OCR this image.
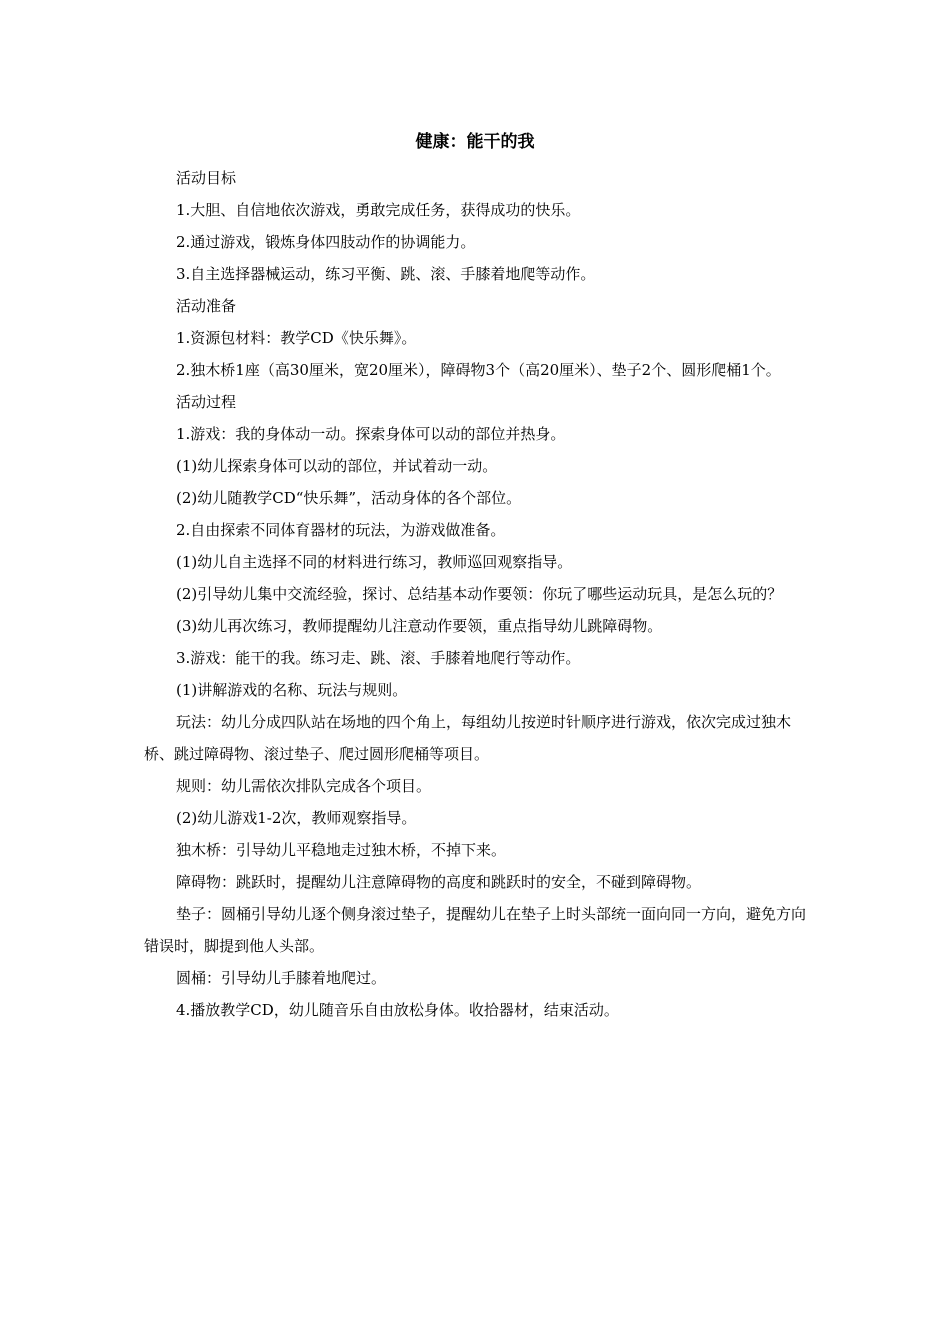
健康：能干的我

活动目标

1.大胆、自信地依次游戏，勇敢完成任务，获得成功的快乐。

2.通过游戏，锻炼身体四肢动作的协调能力。

3.自主选择器械运动，练习平衡、跳、滚、手膝着地爬等动作。

活动准备

1.资源包材料：教学CD《快乐舞》。

2.独木桥1座（高30厘米，宽20厘米），障碍物3个（高20厘米）、垫子2个、圆形爬桶1个。

活动过程

1.游戏：我的身体动一动。探索身体可以动的部位并热身。

(1)幼儿探索身体可以动的部位，并试着动一动。

(2)幼儿随教学CD“快乐舞”，活动身体的各个部位。

2.自由探索不同体育器材的玩法，为游戏做准备。

(1)幼儿自主选择不同的材料进行练习，教师巡回观察指导。

(2)引导幼儿集中交流经验，探讨、总结基本动作要领：你玩了哪些运动玩具，是怎么玩的？

(3)幼儿再次练习，教师提醒幼儿注意动作要领，重点指导幼儿跳障碍物。

3.游戏：能干的我。练习走、跳、滚、手膝着地爬行等动作。

(1)讲解游戏的名称、玩法与规则。

玩法：幼儿分成四队站在场地的四个角上，每组幼儿按逆时针顺序进行游戏，依次完成过独木桥、跳过障碍物、滚过垫子、爬过圆形爬桶等项目。

规则：幼儿需依次排队完成各个项目。

(2)幼儿游戏1-2次，教师观察指导。

独木桥：引导幼儿平稳地走过独木桥，不掉下来。

障碍物：跳跃时，提醒幼儿注意障碍物的高度和跳跃时的安全，不碰到障碍物。

垫子：圆桶引导幼儿逐个侧身滚过垫子，提醒幼儿在垫子上时头部统一面向同一方向，避免方向错误时，脚提到他人头部。

圆桶：引导幼儿手膝着地爬过。

4.播放教学CD，幼儿随音乐自由放松身体。收拾器材，结束活动。
